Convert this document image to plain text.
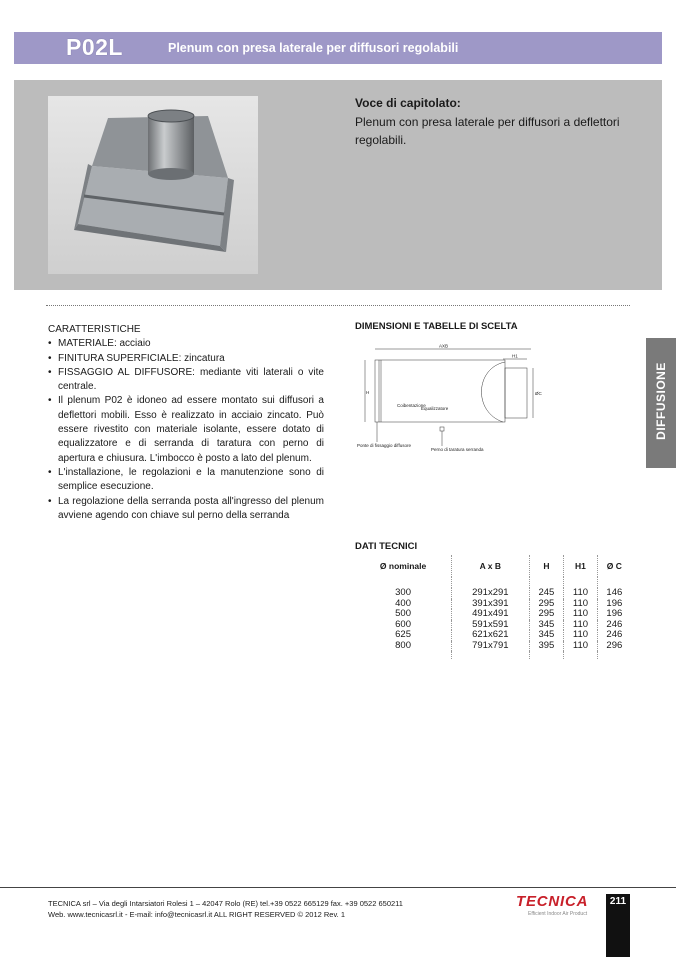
P02L	Plenum con presa laterale per diffusori regolabili
Voce di capitolato:
Plenum con presa laterale per diffusori a deflettori regolabili.
CARATTERISTICHE
• MATERIALE: acciaio
• FINITURA SUPERFICIALE: zincatura
• FISSAGGIO AL DIFFUSORE: mediante viti laterali o vite centrale.
• Il plenum P02 è idoneo ad essere montato sui diffusori a deflettori mobili. Esso è realizzato in acciaio zincato. Può essere rivestito con materiale isolante, essere dotato di equalizzatore e di serranda di taratura con perno di apertura e chiusura. L'imbocco è posto a lato del plenum.
• L'installazione, le regolazioni e la manutenzione sono di semplice esecuzione.
• La regolazione della serranda posta all'ingresso del plenum avviene agendo con chiave sul perno della serranda
DIMENSIONI E TABELLE DI SCELTA
AXB
H1
H	ØC
Coibentazione
Equalizzatore
Ponte di fissaggio diffusore
Perno di taratura serranda
DATI TECNICI
Ø nominale	A x B	H	H1	Ø C

300	291x291	245	110	146
400	391x391	295	110	196
500	491x491	295	110	196
600	591x591	345	110	246
625	621x621	345	110	246
800	791x791	395	110	296

DIFFUSIONE
TECNICA srl – Via degli Intarsiatori Rolesi 1 – 42047 Rolo (RE) tel.+39 0522 665129 fax. +39 0522 650211
Web. www.tecnicasrl.it - E-mail: info@tecnicasrl.it ALL RIGHT RESERVED © 2012 Rev. 1
TECNICA
Efficient Indoor Air Product
211
